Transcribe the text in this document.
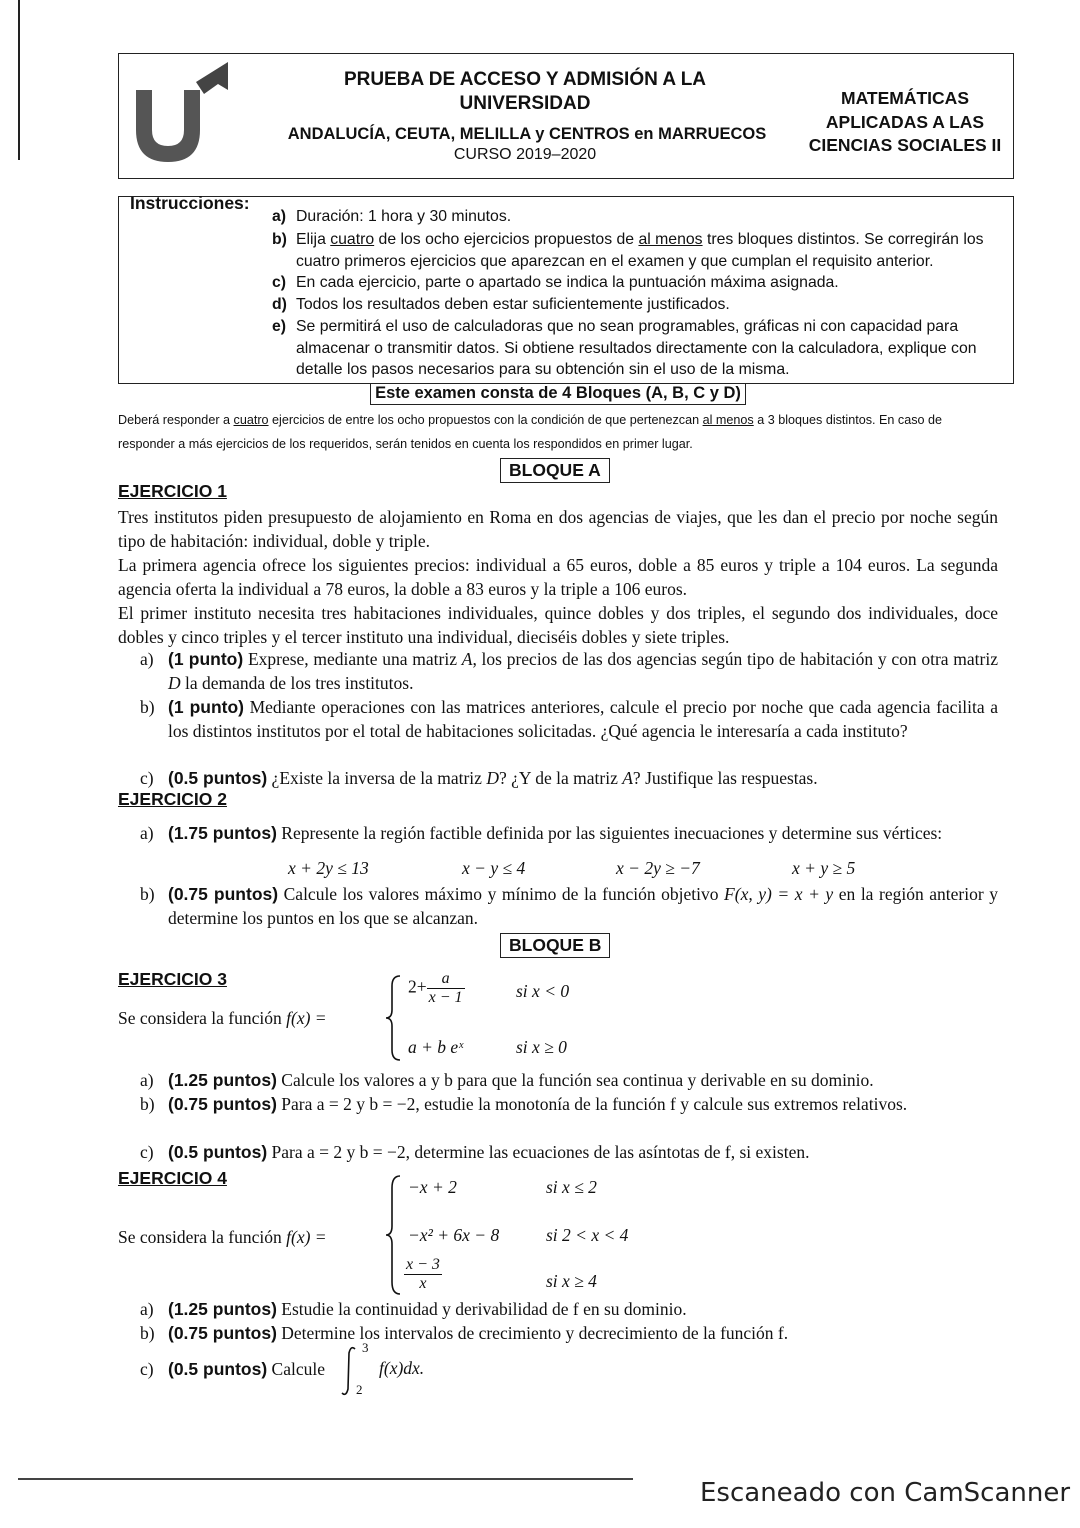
PRUEBA DE ACCESO Y ADMISIÓN A LA
UNIVERSIDAD
ANDALUCÍA, CEUTA, MELILLA y CENTROS en MARRUECOS
CURSO 2019–2020
MATEMÁTICAS
APLICADAS A LAS
CIENCIAS SOCIALES II
Instrucciones:
a) Duración: 1 hora y 30 minutos.
b) Elija cuatro de los ocho ejercicios propuestos de al menos tres bloques distintos. Se corregirán los cuatro primeros ejercicios que aparezcan en el examen y que cumplan el requisito anterior.
c) En cada ejercicio, parte o apartado se indica la puntuación máxima asignada.
d) Todos los resultados deben estar suficientemente justificados.
e) Se permitirá el uso de calculadoras que no sean programables, gráficas ni con capacidad para almacenar o transmitir datos. Si obtiene resultados directamente con la calculadora, explique con detalle los pasos necesarios para su obtención sin el uso de la misma.
Este examen consta de 4 Bloques (A, B, C y D)
Deberá responder a cuatro ejercicios de entre los ocho propuestos con la condición de que pertenezcan al menos a 3 bloques distintos. En caso de
responder a más ejercicios de los requeridos, serán tenidos en cuenta los respondidos en primer lugar.
BLOQUE A
EJERCICIO 1
Tres institutos piden presupuesto de alojamiento en Roma en dos agencias de viajes, que les dan el precio por noche según tipo de habitación: individual, doble y triple.
La primera agencia ofrece los siguientes precios: individual a 65 euros, doble a 85 euros y triple a 104 euros. La segunda agencia oferta la individual a 78 euros, la doble a 83 euros y la triple a 106 euros.
El primer instituto necesita tres habitaciones individuales, quince dobles y dos triples, el segundo dos individuales, doce dobles y cinco triples y el tercer instituto una individual, dieciséis dobles y siete triples.
a) (1 punto) Exprese, mediante una matriz A, los precios de las dos agencias según tipo de habitación y con otra matriz D la demanda de los tres institutos.
b) (1 punto) Mediante operaciones con las matrices anteriores, calcule el precio por noche que cada agencia facilita a los distintos institutos por el total de habitaciones solicitadas. ¿Qué agencia le interesaría a cada instituto?
c) (0.5 puntos) ¿Existe la inversa de la matriz D? ¿Y de la matriz A? Justifique las respuestas.
EJERCICIO 2
a) (1.75 puntos) Represente la región factible definida por las siguientes inecuaciones y determine sus vértices:
x + 2y ≤ 13	x − y ≤ 4	x − 2y ≥ −7	x + y ≥ 5
b) (0.75 puntos) Calcule los valores máximo y mínimo de la función objetivo F(x, y) = x + y en la región anterior y determine los puntos en los que se alcanzan.
BLOQUE B
EJERCICIO 3
Se considera la función f(x) =
$2+ \frac{a}{x - 1}$	si x < 0
a + b eˣ	si x ≥ 0
a) (1.25 puntos) Calcule los valores a y b para que la función sea continua y derivable en su dominio.
b) (0.75 puntos) Para a = 2 y b = −2, estudie la monotonía de la función f y calcule sus extremos relativos.
c) (0.5 puntos) Para a = 2 y b = −2, determine las ecuaciones de las asíntotas de f, si existen.
EJERCICIO 4
Se considera la función f(x) =
−x + 2	si x ≤ 2
−x² + 6x − 8	si 2 < x < 4
$\frac{x - 3}{x}$	si x ≥ 4
a) (1.25 puntos) Estudie la continuidad y derivabilidad de f en su dominio.
b) (0.75 puntos) Determine los intervalos de crecimiento y decrecimiento de la función f.
c) (0.5 puntos) Calcule
3
2
f(x)dx.
Escaneado con CamScanner
